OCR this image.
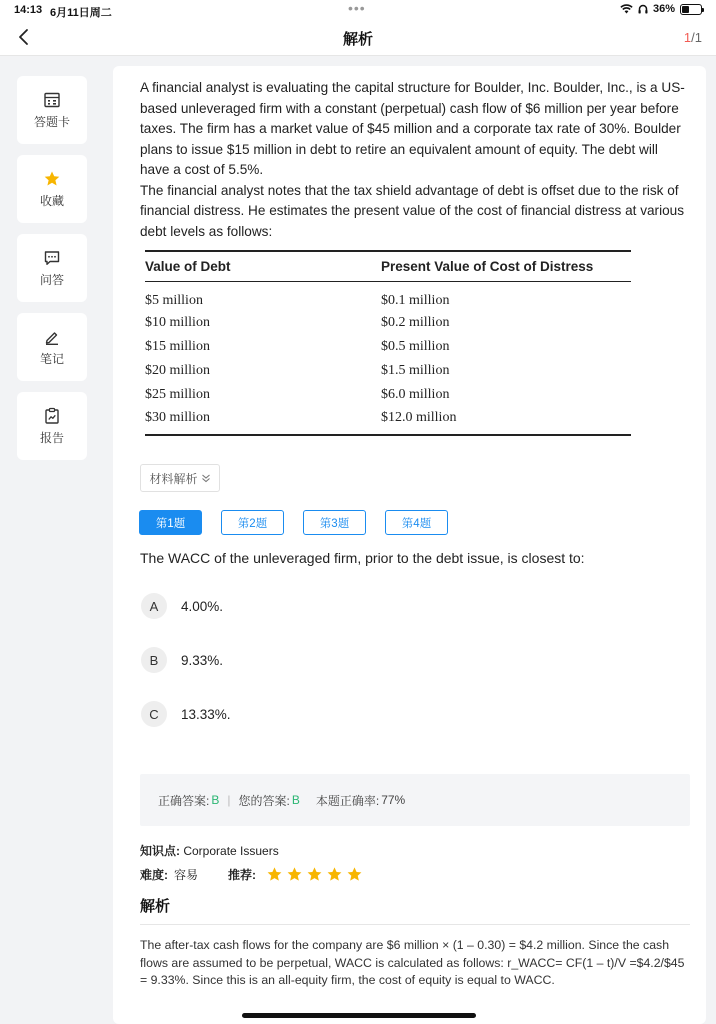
14:13 6月11日周二	•••	36%
解析	1/1
答题卡
收藏
问答
笔记
报告

A financial analyst is evaluating the capital structure for Boulder, Inc. Boulder, Inc., is a US-based unleveraged firm with a constant (perpetual) cash flow of $6 million per year before taxes. The firm has a market value of $45 million and a corporate tax rate of 30%. Boulder plans to issue $15 million in debt to retire an equivalent amount of equity. The debt will have a cost of 5.5%.

The financial analyst notes that the tax shield advantage of debt is offset due to the risk of financial distress. He estimates the present value of the cost of financial distress at various debt levels as follows:

Value of Debt	Present Value of Cost of Distress
$5 million	$0.1 million
$10 million	$0.2 million
$15 million	$0.5 million
$20 million	$1.5 million
$25 million	$6.0 million
$30 million	$12.0 million
材料解析
第1题	第2题	第3题	第4题
The WACC of the unleveraged firm, prior to the debt issue, is closest to:
A	4.00%.
B	9.33%.
C	13.33%.
正确答案: B | 您的答案: B 本题正确率: 77%
知识点: Corporate Issuers
难度: 容易	推荐:
解析
The after-tax cash flows for the company are $6 million × (1 – 0.30) = $4.2 million. Since the cash flows are assumed to be perpetual, WACC is calculated as follows: r_WACC= CF(1 – t)/V =$4.2/$45 = 9.33%. Since this is an all-equity firm, the cost of equity is equal to WACC.
